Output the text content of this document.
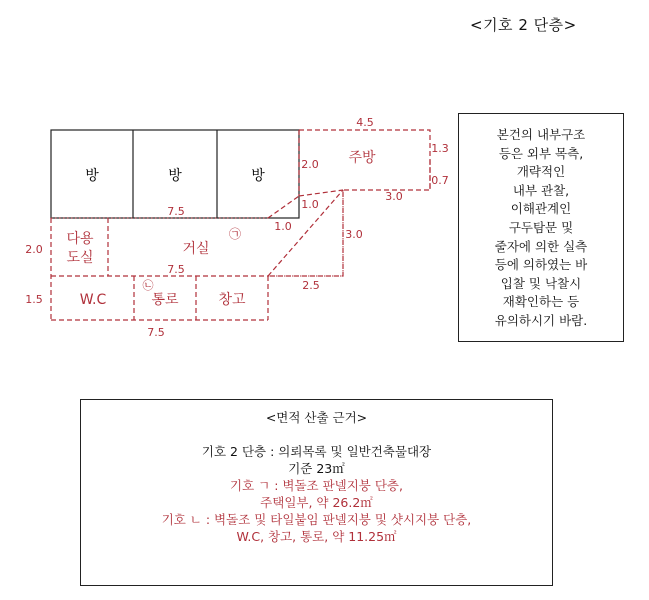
<기호 2 단층>
방	방	방
주방
다용
도실
거실
W.C	통로	창고
㉠
㉡
4.5
1.3
0.7
3.0
2.0
1.0
7.5
1.0
3.0
2.0
7.5
2.5
1.5
7.5
본건의 내부구조
등은 외부 목측,
개략적인
내부 관찰,
이해관계인
구두탐문 및
줄자에 의한 실측
등에 의하였는 바
입찰 및 낙찰시
재확인하는 등
유의하시기 바람.
<면적 산출 근거>
기호 2 단층 : 의뢰목록 및 일반건축물대장
기준 23㎡
기호 ㄱ : 벽돌조 판넬지붕 단층,
주택일부, 약 26.2㎡
기호 ㄴ : 벽돌조 및 타일붙임 판넬지붕 및 샷시지붕 단층,
W.C, 창고, 통로, 약 11.25㎡
